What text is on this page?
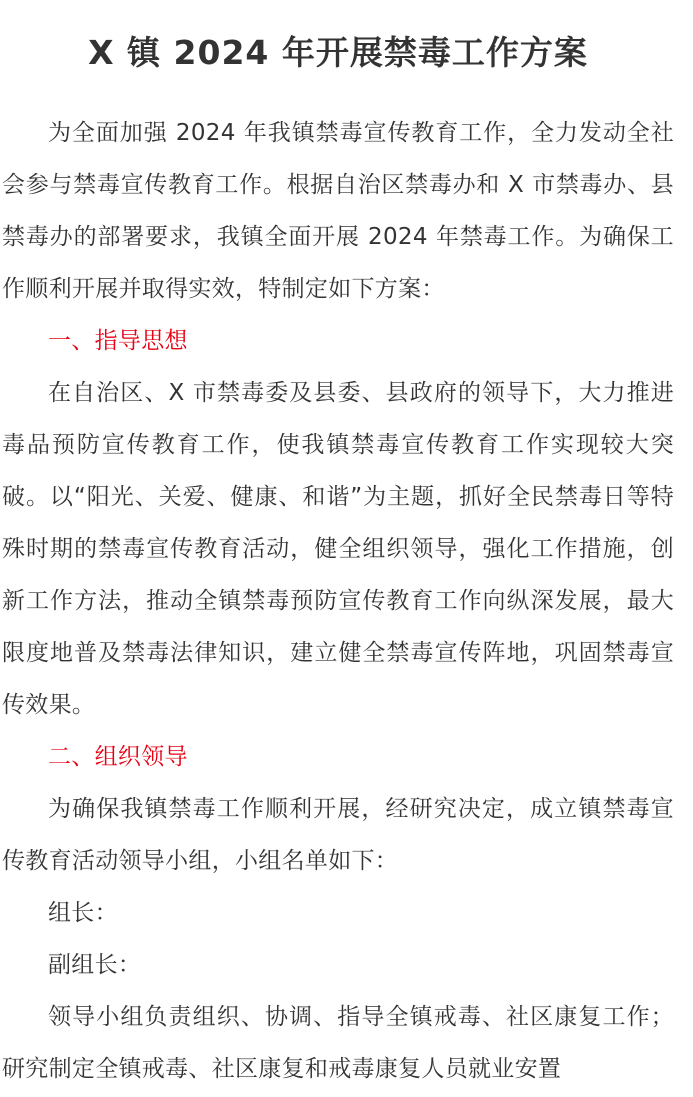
X 镇 2024 年开展禁毒工作方案

为全面加强 2024 年我镇禁毒宣传教育工作，全力发动全社会参与禁毒宣传教育工作。根据自治区禁毒办和 X 市禁毒办、县禁毒办的部署要求，我镇全面开展 2024 年禁毒工作。为确保工作顺利开展并取得实效，特制定如下方案：

一、指导思想

在自治区、X 市禁毒委及县委、县政府的领导下，大力推进毒品预防宣传教育工作，使我镇禁毒宣传教育工作实现较大突破。以“阳光、关爱、健康、和谐”为主题，抓好全民禁毒日等特殊时期的禁毒宣传教育活动，健全组织领导，强化工作措施，创新工作方法，推动全镇禁毒预防宣传教育工作向纵深发展，最大限度地普及禁毒法律知识，建立健全禁毒宣传阵地，巩固禁毒宣传效果。

二、组织领导

为确保我镇禁毒工作顺利开展，经研究决定，成立镇禁毒宣传教育活动领导小组，小组名单如下：

组长：

副组长：

领导小组负责组织、协调、指导全镇戒毒、社区康复工作；研究制定全镇戒毒、社区康复和戒毒康复人员就业安置
